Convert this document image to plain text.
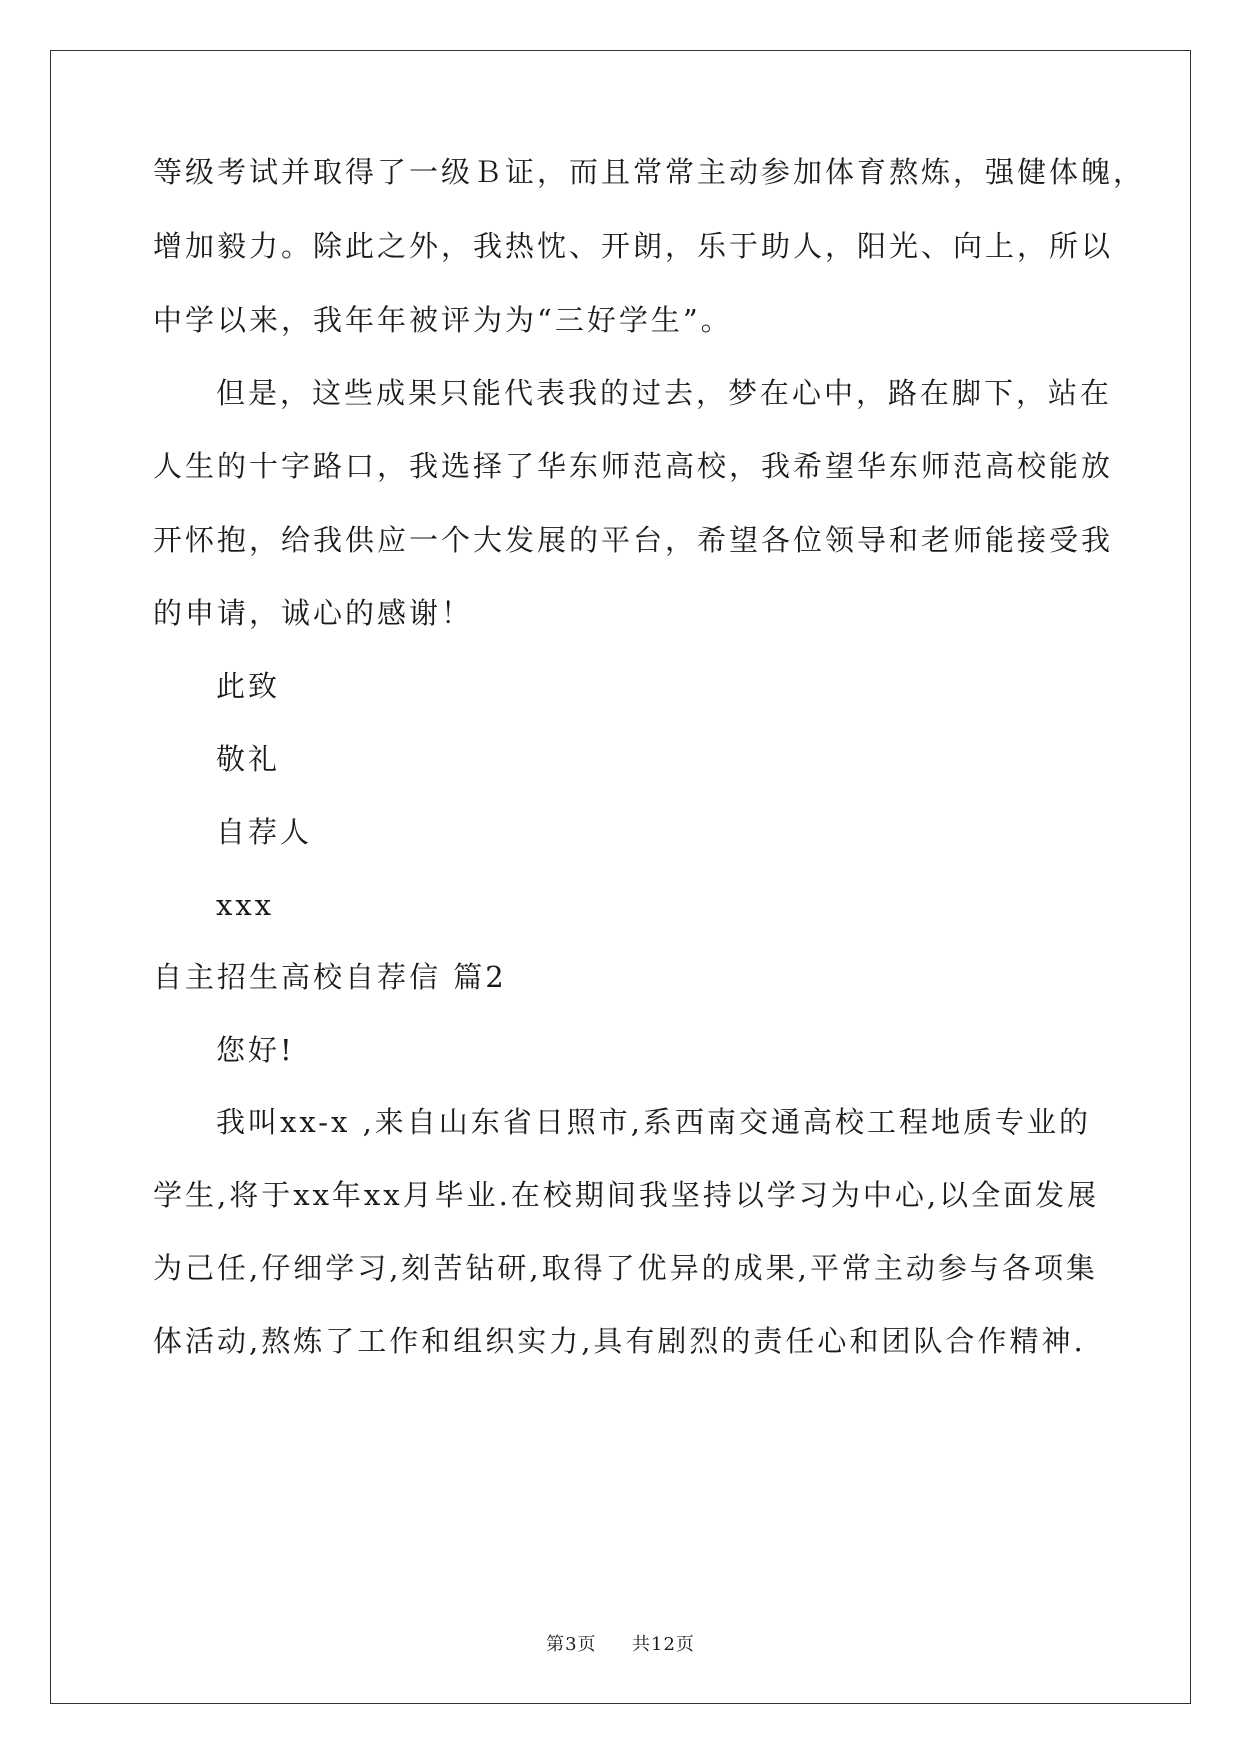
等级考试并取得了一级Ｂ证，而且常常主动参加体育熬炼，强健体魄，
增加毅力。除此之外，我热忱、开朗，乐于助人，阳光、向上，所以
中学以来，我年年被评为为“三好学生”。
但是，这些成果只能代表我的过去，梦在心中，路在脚下，站在
人生的十字路口，我选择了华东师范高校，我希望华东师范高校能放
开怀抱，给我供应一个大发展的平台，希望各位领导和老师能接受我
的申请，诚心的感谢！
此致
敬礼
自荐人
xxx
自主招生高校自荐信 篇2
您好!
我叫xx-x ,来自山东省日照市,系西南交通高校工程地质专业的
学生,将于xx年xx月毕业.在校期间我坚持以学习为中心,以全面发展
为己任,仔细学习,刻苦钻研,取得了优异的成果,平常主动参与各项集
体活动,熬炼了工作和组织实力,具有剧烈的责任心和团队合作精神.
第3页 共12页
